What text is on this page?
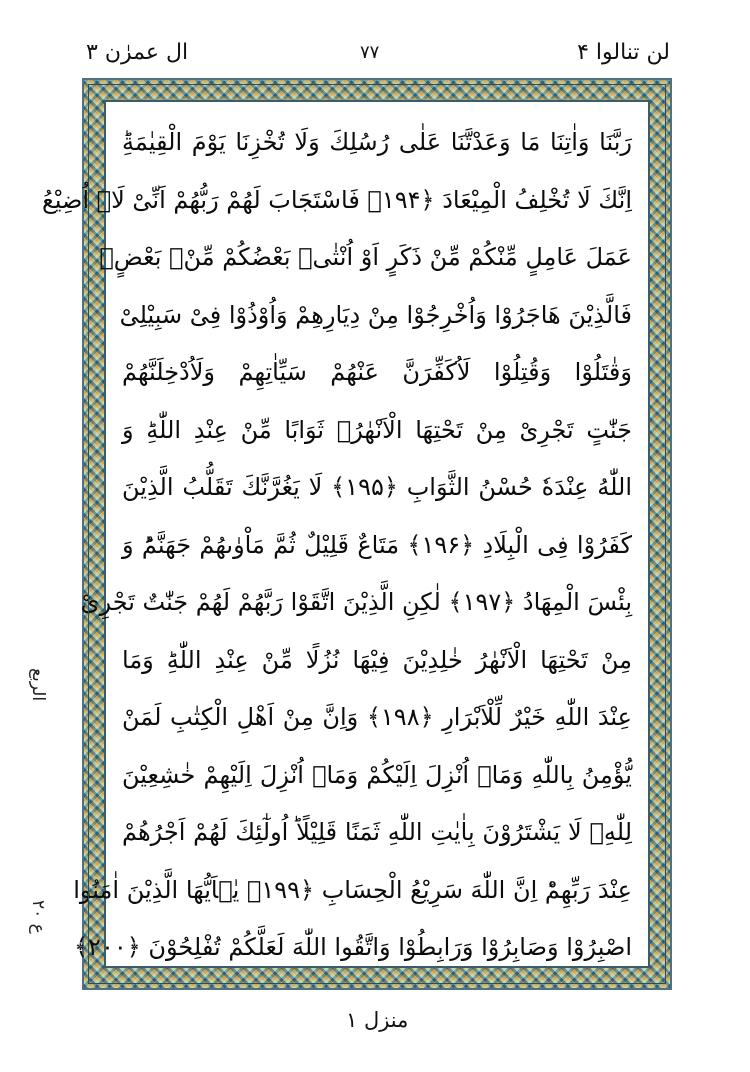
لن تنالوا ۴
۷۷
ال عمرٰن ۳
رَبَّنَا وَاٰتِنَا مَا وَعَدْتَّنَا عَلٰی رُسُلِكَ وَلَا تُخْزِنَا يَوْمَ الْقِيٰمَةِؕ
اِنَّكَ لَا تُخْلِفُ الْمِيْعَادَ ﴿۱۹۴﴾ فَاسْتَجَابَ لَهُمْ رَبُّهُمْ اَنِّیْ لَاۤ اُضِيْعُ
عَمَلَ عَامِلٍ مِّنْكُمْ مِّنْ ذَكَرٍ اَوْ اُنْثٰیۚ بَعْضُكُمْ مِّنْۢ بَعْضٍۚ
فَالَّذِيْنَ هَاجَرُوْا وَاُخْرِجُوْا مِنْ دِيَارِهِمْ وَاُوْذُوْا فِیْ سَبِيْلِیْ
وَقٰتَلُوْا وَقُتِلُوْا لَاُكَفِّرَنَّ عَنْهُمْ سَيِّاٰتِهِمْ وَلَاُدْخِلَنَّهُمْ
جَنّٰتٍ تَجْرِیْ مِنْ تَحْتِهَا الْاَنْهٰرُۚ ثَوَابًا مِّنْ عِنْدِ اللّٰهِؕ وَ
اللّٰهُ عِنْدَهٗ حُسْنُ الثَّوَابِ ﴿۱۹۵﴾ لَا يَغُرَّنَّكَ تَقَلُّبُ الَّذِيْنَ
كَفَرُوْا فِی الْبِلَادِ ﴿۱۹۶﴾ مَتَاعٌ قَلِيْلٌ ثُمَّ مَاْوٰىهُمْ جَهَنَّمُؕ وَ
بِئْسَ الْمِهَادُ ﴿۱۹۷﴾ لٰكِنِ الَّذِيْنَ اتَّقَوْا رَبَّهُمْ لَهُمْ جَنّٰتٌ تَجْرِیْ
مِنْ تَحْتِهَا الْاَنْهٰرُ خٰلِدِيْنَ فِيْهَا نُزُلًا مِّنْ عِنْدِ اللّٰهِؕ وَمَا
عِنْدَ اللّٰهِ خَيْرٌ لِّلْاَبْرَارِ ﴿۱۹۸﴾ وَاِنَّ مِنْ اَهْلِ الْكِتٰبِ لَمَنْ
يُّؤْمِنُ بِاللّٰهِ وَمَاۤ اُنْزِلَ اِلَيْكُمْ وَمَاۤ اُنْزِلَ اِلَيْهِمْ خٰشِعِيْنَ
لِلّٰهِۙ لَا يَشْتَرُوْنَ بِاٰيٰتِ اللّٰهِ ثَمَنًا قَلِيْلًاؕ اُولٰٓئِكَ لَهُمْ اَجْرُهُمْ
عِنْدَ رَبِّهِمْؕ اِنَّ اللّٰهَ سَرِيْعُ الْحِسَابِ ﴿۱۹۹﴾ يٰۤاَيُّهَا الَّذِيْنَ اٰمَنُوا
اصْبِرُوْا وَصَابِرُوْا وَرَابِطُوْا وَاتَّقُوا اللّٰهَ لَعَلَّكُمْ تُفْلِحُوْنَ ﴿۲۰۰﴾
الربع
ع ۲۰
منزل ۱
